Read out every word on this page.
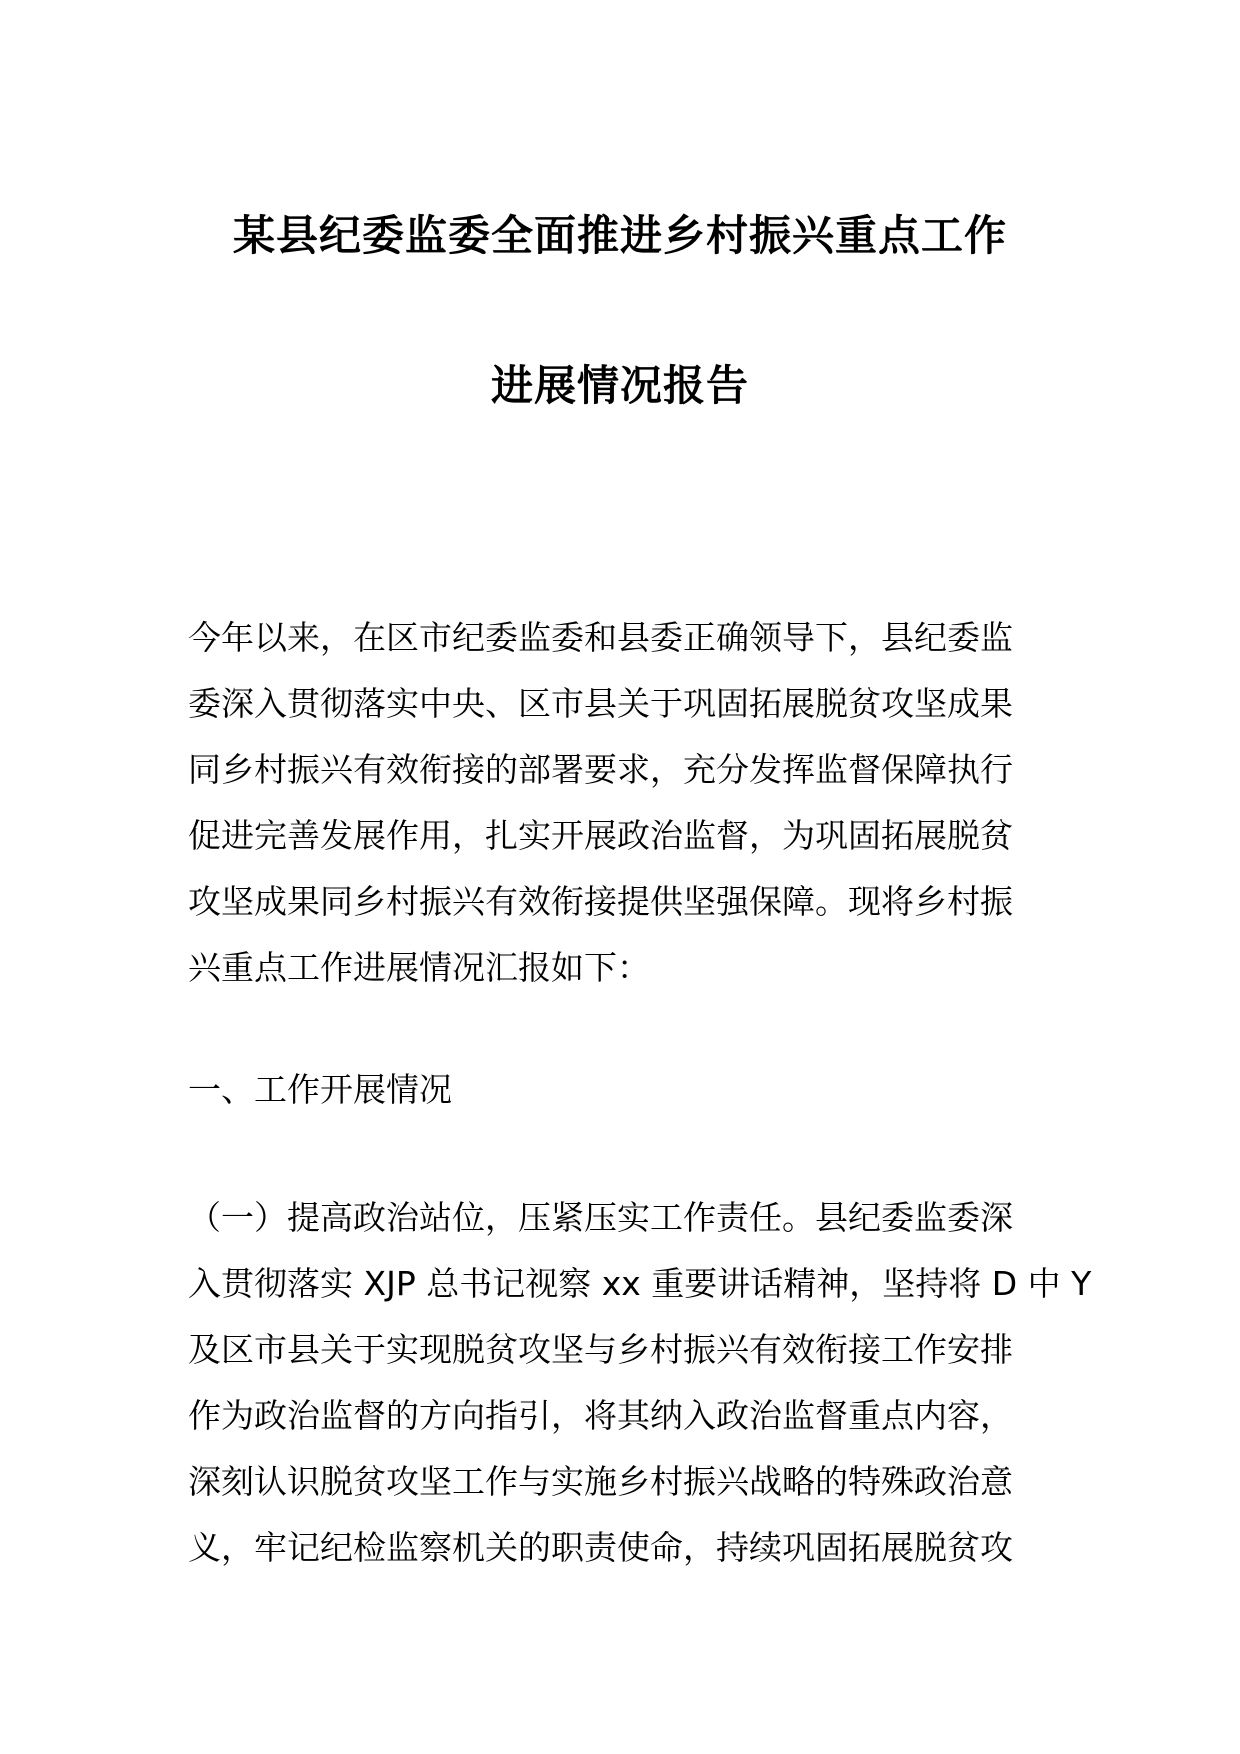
某县纪委监委全面推进乡村振兴重点工作
进展情况报告
今年以来，在区市纪委监委和县委正确领导下，县纪委监
委深入贯彻落实中央、区市县关于巩固拓展脱贫攻坚成果
同乡村振兴有效衔接的部署要求，充分发挥监督保障执行
促进完善发展作用，扎实开展政治监督，为巩固拓展脱贫
攻坚成果同乡村振兴有效衔接提供坚强保障。现将乡村振
兴重点工作进展情况汇报如下：
一、工作开展情况
（一）提高政治站位，压紧压实工作责任。县纪委监委深
入贯彻落实 XJP 总书记视察 xx 重要讲话精神，坚持将 D 中 Y
及区市县关于实现脱贫攻坚与乡村振兴有效衔接工作安排
作为政治监督的方向指引，将其纳入政治监督重点内容，
深刻认识脱贫攻坚工作与实施乡村振兴战略的特殊政治意
义，牢记纪检监察机关的职责使命，持续巩固拓展脱贫攻
